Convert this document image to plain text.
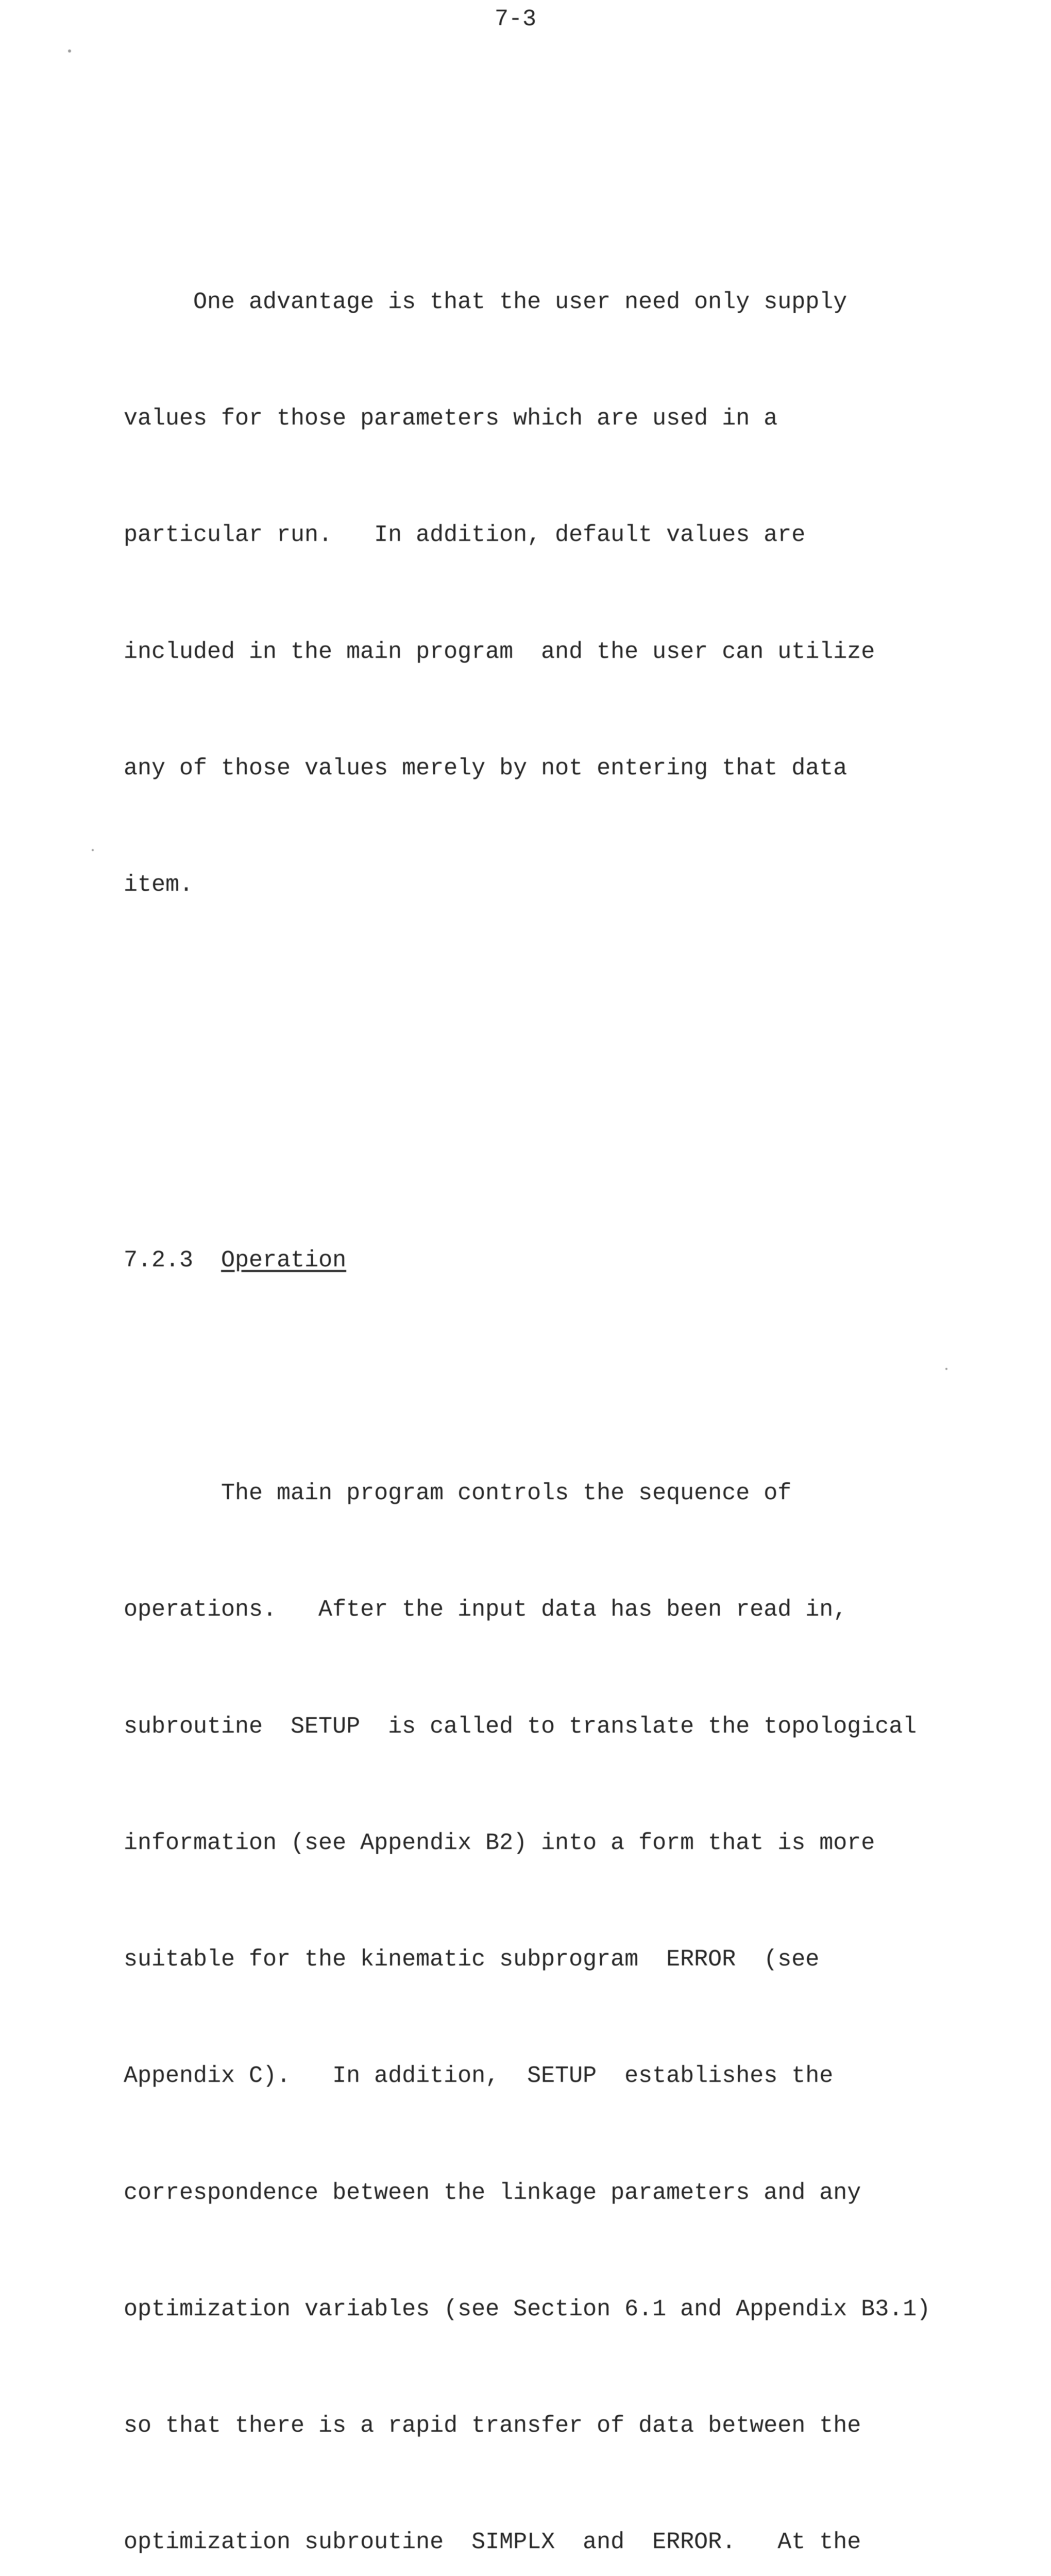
7-3

One advantage is that the user need only supply

values for those parameters which are used in a

particular run.   In addition, default values are

included in the main program  and the user can utilize

any of those values merely by not entering that data

item.

7.2.3 Operation

The main program controls the sequence of

operations.   After the input data has been read in,

subroutine  SETUP  is called to translate the topological

information (see Appendix B2) into a form that is more

suitable for the kinematic subprogram  ERROR  (see

Appendix C).   In addition,  SETUP  establishes the

correspondence between the linkage parameters and any

optimization variables (see Section 6.1 and Appendix B3.1)

so that there is a rapid transfer of data between the

optimization subroutine  SIMPLX  and  ERROR.   At the
